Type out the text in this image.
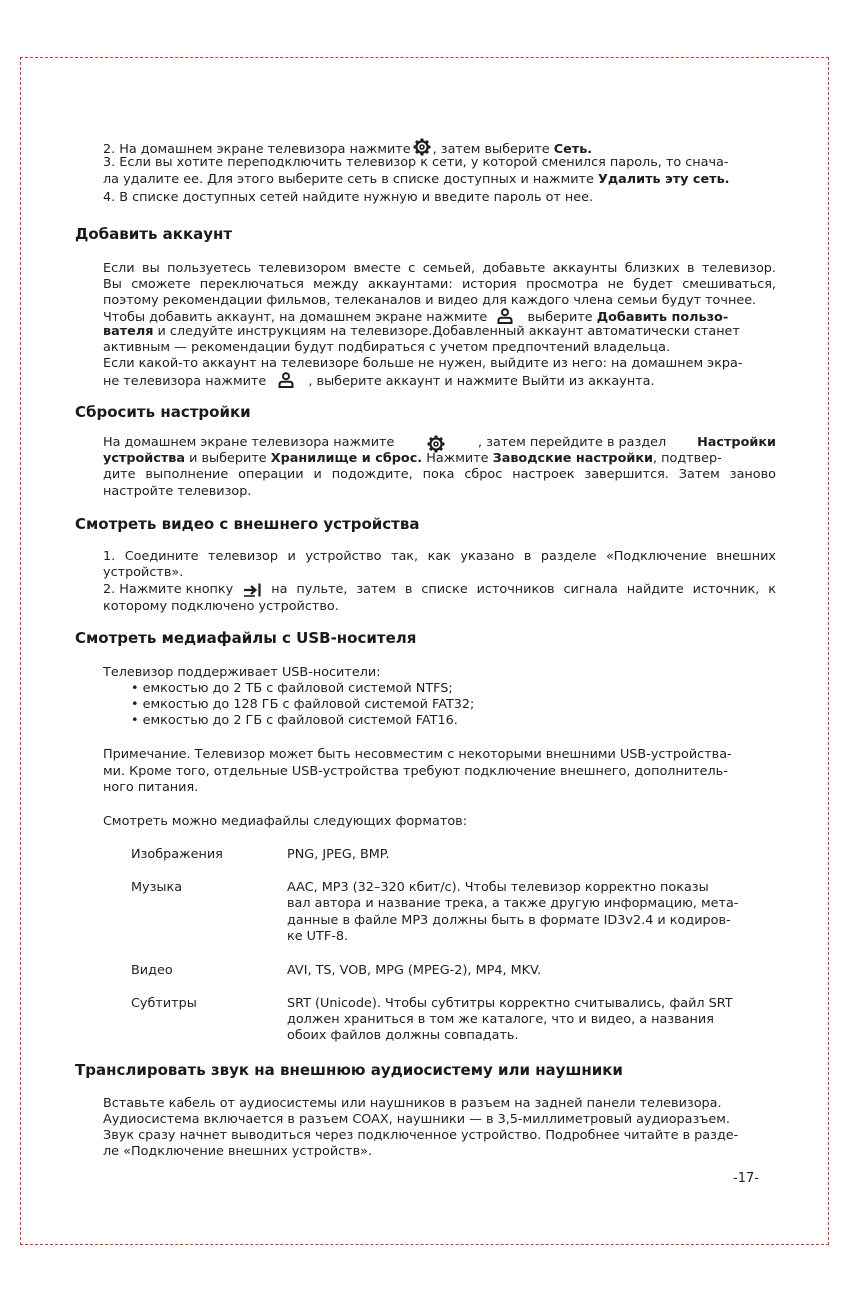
2. На домашнем экране телевизора нажмите , затем выберите Сеть.
3. Если вы хотите переподключить телевизор к сети, у которой сменился пароль, то снача-
ла удалите ее. Для этого выберите сеть в списке доступных и нажмите Удалить эту сеть.
4. В списке доступных сетей найдите нужную и введите пароль от нее.
Добавить аккаунт
Если вы пользуетесь телевизором вместе с семьей, добавьте аккаунты близких в телевизор.
Вы сможете переключаться между аккаунтами: история просмотра не будет смешиваться,
поэтому рекомендации фильмов, телеканалов и видео для каждого члена семьи будут точнее.
Чтобы добавить аккаунт, на домашнем экране нажмите	выберите Добавить пользо-
вателя и следуйте инструкциям на телевизоре.Добавленный аккаунт автоматически станет
активным — рекомендации будут подбираться с учетом предпочтений владельца.
Если какой-то аккаунт на телевизоре больше не нужен, выйдите из него: на домашнем экра-
не телевизора нажмите	, выберите аккаунт и нажмите Выйти из аккаунта.
Сбросить настройки
На домашнем экране телевизора нажмите	, затем перейдите в раздел Настройки
устройства и выберите Хранилище и сброс. Нажмите Заводские настройки, подтвер-
дите выполнение операции и подождите, пока сброс настроек завершится. Затем заново
настройте телевизор.
Смотреть видео с внешнего устройства
1. Соедините телевизор и устройство так, как указано в разделе «Подключение внешних
устройств».
2. Нажмите кнопку	на пульте, затем в списке источников сигнала найдите источник, к
которому подключено устройство.
Смотреть медиафайлы с USB-носителя
Телевизор поддерживает USB-носители:
• емкостью до 2 ТБ с файловой системой NTFS;
• емкостью до 128 ГБ с файловой системой FAT32;
• емкостью до 2 ГБ с файловой системой FAT16.
Примечание. Телевизор может быть несовместим с некоторыми внешними USB-устройства-
ми. Кроме того, отдельные USB-устройства требуют подключение внешнего, дополнитель-
ного питания.
Смотреть можно медиафайлы следующих форматов:
Изображения	PNG, JPEG, BMP.
Музыка	AAC, MP3 (32–320 кбит/с). Чтобы телевизор корректно показы
вал автора и название трека, а также другую информацию, мета-
данные в файле MP3 должны быть в формате ID3v2.4 и кодиров-
ке UTF-8.
Видео	AVI, TS, VOB, MPG (MPEG-2), MP4, MKV.
Субтитры	SRT (Unicode). Чтобы субтитры корректно считывались, файл SRT
должен храниться в том же каталоге, что и видео, а названия
обоих файлов должны совпадать.
Транслировать звук на внешнюю аудиосистему или наушники
Вставьте кабель от аудиосистемы или наушников в разъем на задней панели телевизора.
Аудиосистема включается в разъем COAX, наушники — в 3,5-миллиметровый аудиоразъем.
Звук сразу начнет выводиться через подключенное устройство. Подробнее читайте в разде-
ле «Подключение внешних устройств».
-17-
